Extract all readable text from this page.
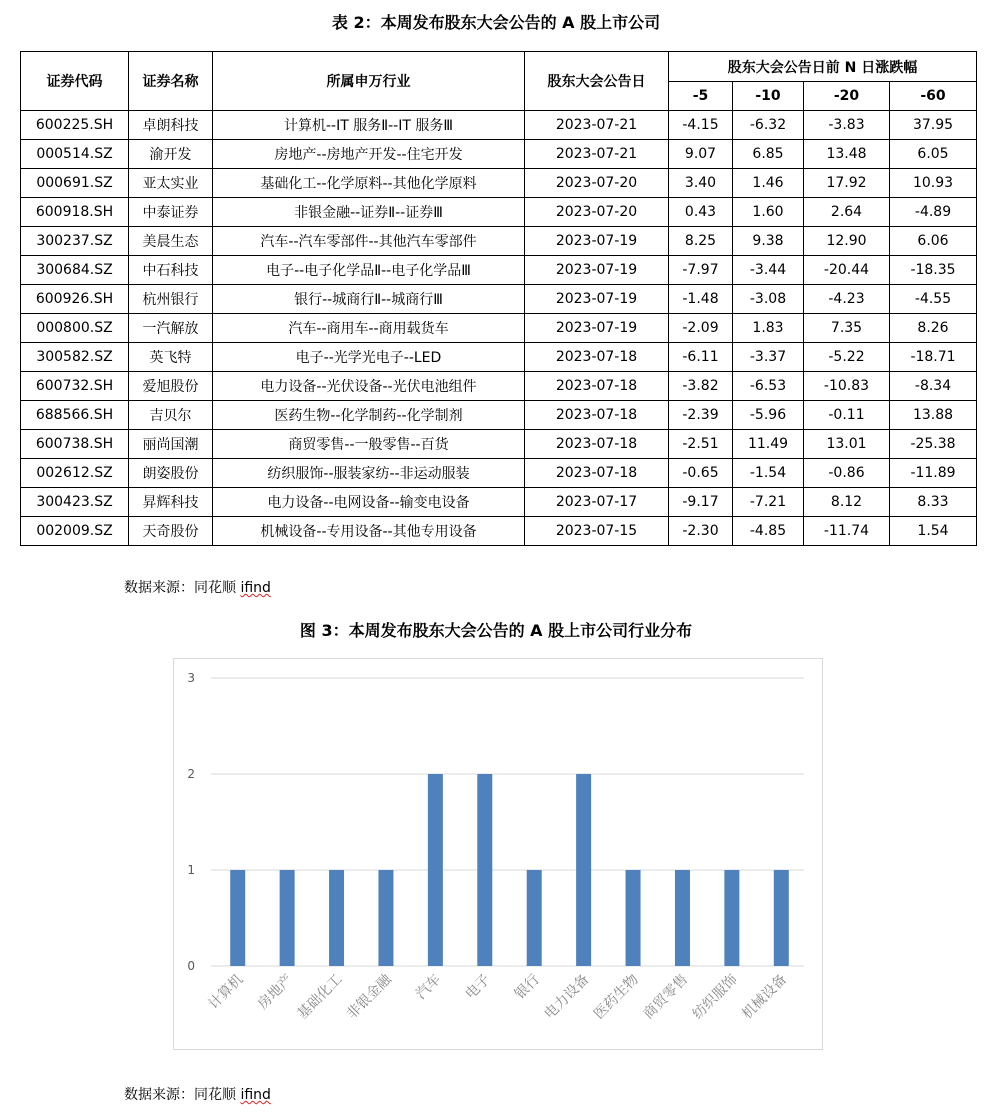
表 2：本周发布股东大会公告的 A 股上市公司
证券代码	证券名称	所属申万行业	股东大会公告日	股东大会公告日前 N 日涨跌幅			
				-5	-10	-20	-60
600225.SH	卓朗科技	计算机--IT 服务Ⅱ--IT 服务Ⅲ	2023-07-21	-4.15	-6.32	-3.83	37.95
000514.SZ	渝开发	房地产--房地产开发--住宅开发	2023-07-21	9.07	6.85	13.48	6.05
000691.SZ	亚太实业	基础化工--化学原料--其他化学原料	2023-07-20	3.40	1.46	17.92	10.93
600918.SH	中泰证券	非银金融--证券Ⅱ--证券Ⅲ	2023-07-20	0.43	1.60	2.64	-4.89
300237.SZ	美晨生态	汽车--汽车零部件--其他汽车零部件	2023-07-19	8.25	9.38	12.90	6.06
300684.SZ	中石科技	电子--电子化学品Ⅱ--电子化学品Ⅲ	2023-07-19	-7.97	-3.44	-20.44	-18.35
600926.SH	杭州银行	银行--城商行Ⅱ--城商行Ⅲ	2023-07-19	-1.48	-3.08	-4.23	-4.55
000800.SZ	一汽解放	汽车--商用车--商用载货车	2023-07-19	-2.09	1.83	7.35	8.26
300582.SZ	英飞特	电子--光学光电子--LED	2023-07-18	-6.11	-3.37	-5.22	-18.71
600732.SH	爱旭股份	电力设备--光伏设备--光伏电池组件	2023-07-18	-3.82	-6.53	-10.83	-8.34
688566.SH	吉贝尔	医药生物--化学制药--化学制剂	2023-07-18	-2.39	-5.96	-0.11	13.88
600738.SH	丽尚国潮	商贸零售--一般零售--百货	2023-07-18	-2.51	11.49	13.01	-25.38
002612.SZ	朗姿股份	纺织服饰--服装家纺--非运动服装	2023-07-18	-0.65	-1.54	-0.86	-11.89
300423.SZ	昇辉科技	电力设备--电网设备--输变电设备	2023-07-17	-9.17	-7.21	8.12	8.33
002009.SZ	天奇股份	机械设备--专用设备--其他专用设备	2023-07-15	-2.30	-4.85	-11.74	1.54
数据来源：同花顺 ifind
图 3：本周发布股东大会公告的 A 股上市公司行业分布
0
1
2
3
计算机 房地产
基础化工
非银金融 汽车 电子 银行
电力设备
医药生物
商贸零售
纺织服饰
机械设备
数据来源：同花顺 ifind
